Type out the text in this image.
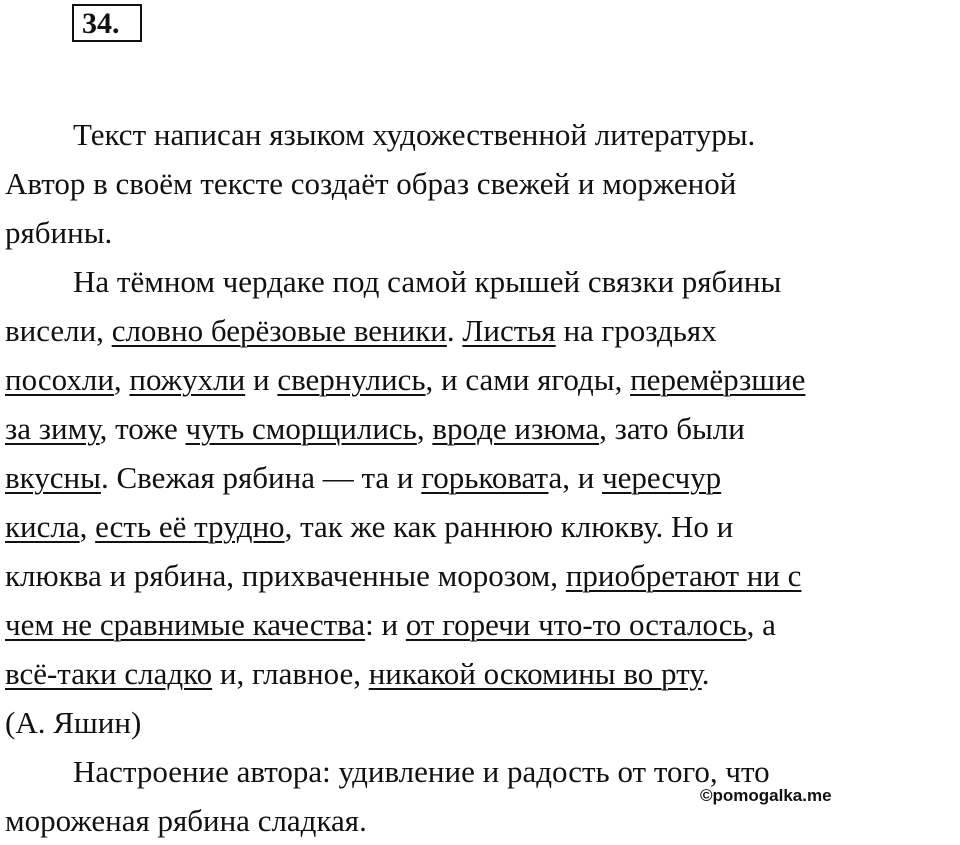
34.
Текст написан языком художественной литературы.
Автор в своём тексте создаёт образ свежей и морженой
рябины.
На тёмном чердаке под самой крышей связки рябины
висели, словно берёзовые веники. Листья на гроздьях
посохли, пожухли и свернулись, и сами ягоды, перемёрзшие
за зиму, тоже чуть сморщились, вроде изюма, зато были
вкусны. Свежая рябина — та и горьковата, и чересчур
кисла, есть её трудно, так же как раннюю клюкву. Но и
клюква и рябина, прихваченные морозом, приобретают ни с
чем не сравнимые качества: и от горечи что-то осталось, а
всё-таки сладко и, главное, никакой оскомины во рту.
(А. Яшин)
Настроение автора: удивление и радость от того, что
мороженая рябина сладкая.
©pomogalka.me
